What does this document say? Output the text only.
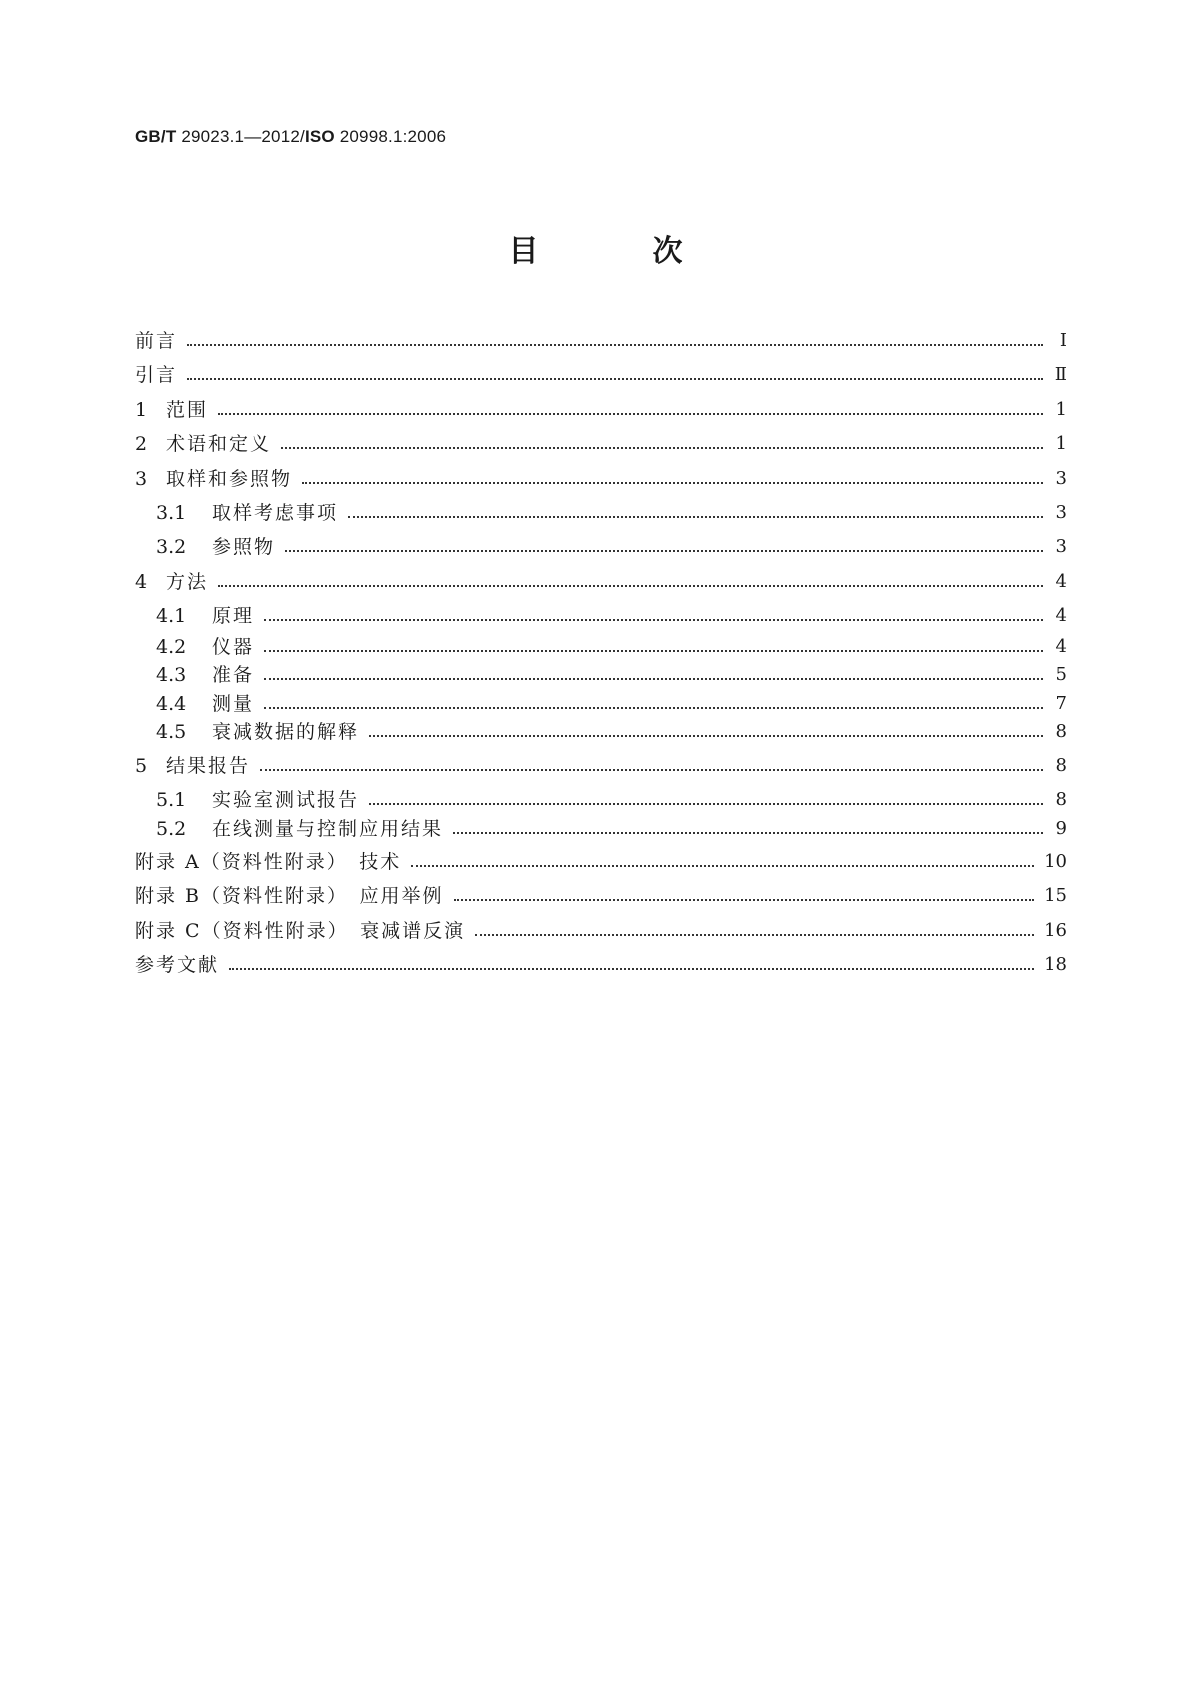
GB/T 29023.1—2012/ISO 20998.1:2006
目　次
前言	Ⅰ
引言	Ⅱ
1 范围	1
2 术语和定义	1
3 取样和参照物	3
3.1	取样考虑事项	3
3.2	参照物	3
4 方法	4
4.1	原理	4
4.2	仪器	4
4.3	准备	5
4.4	测量	7
4.5	衰减数据的解释	8
5 结果报告	8
5.1	实验室测试报告	8
5.2	在线测量与控制应用结果	9
附录 A（资料性附录）　技术	10
附录 B（资料性附录）　应用举例	15
附录 C（资料性附录）　衰减谱反演	16
参考文献	18
